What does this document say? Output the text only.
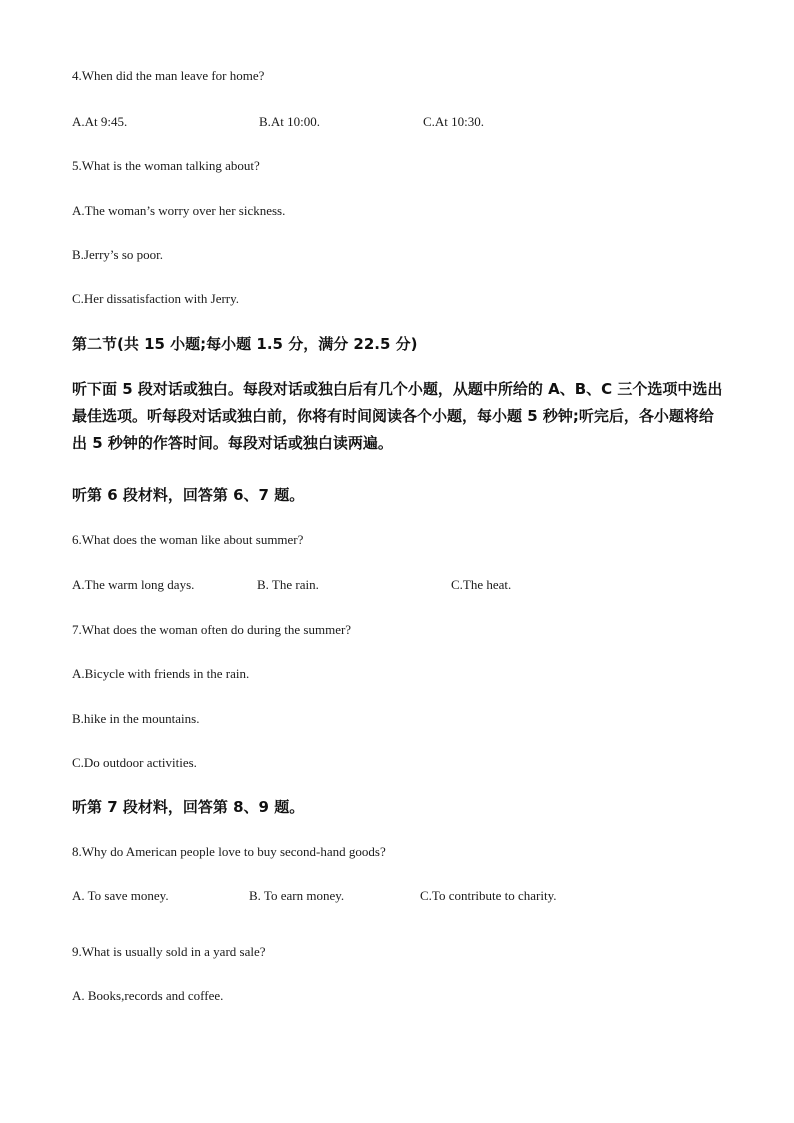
4.When did the man leave for home?
A.At 9:45.	B.At 10:00.	C.At 10:30.
5.What is the woman talking about?
A.The woman’s worry over her sickness.
B.Jerry’s so poor.
C.Her dissatisfaction with Jerry.
第二节(共 15 小题;每小题 1.5 分，满分 22.5 分)
听下面 5 段对话或独白。每段对话或独白后有几个小题，从题中所给的 A、B、C 三个选项中选出最佳选项。听每段对话或独白前，你将有时间阅读各个小题，每小题 5 秒钟;听完后，各小题将给出 5 秒钟的作答时间。每段对话或独白读两遍。
听第 6 段材料，回答第 6、7 题。
6.What does the woman like about summer?
A.The warm long days.	B. The rain.	C.The heat.
7.What does the woman often do during the summer?
A.Bicycle with friends in the rain.
B.hike in the mountains.
C.Do outdoor activities.
听第 7 段材料，回答第 8、9 题。
8.Why do American people love to buy second-hand goods?
A. To save money.	B. To earn money.	C.To contribute to charity.
9.What is usually sold in a yard sale?
A. Books,records and coffee.
